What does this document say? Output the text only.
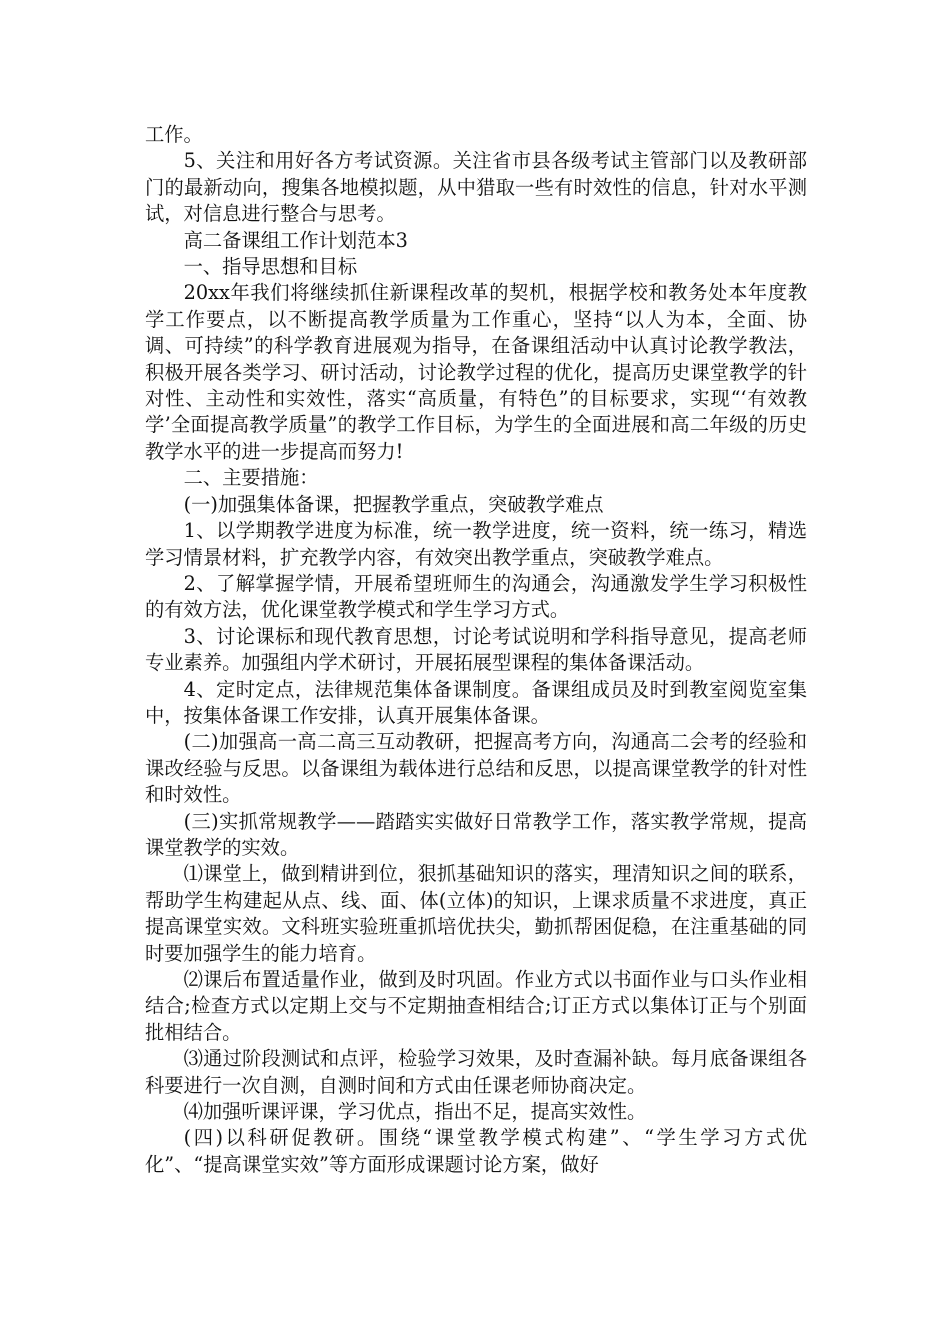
工作。

5、关注和用好各方考试资源。关注省市县各级考试主管部门以及教研部门的最新动向，搜集各地模拟题，从中猎取一些有时效性的信息，针对水平测试，对信息进行整合与思考。

高二备课组工作计划范本3

一、指导思想和目标

20xx年我们将继续抓住新课程改革的契机，根据学校和教务处本年度教学工作要点，以不断提高教学质量为工作重心，坚持“以人为本，全面、协调、可持续”的科学教育进展观为指导，在备课组活动中认真讨论教学教法，积极开展各类学习、研讨活动，讨论教学过程的优化，提高历史课堂教学的针对性、主动性和实效性，落实“高质量，有特色”的目标要求，实现“‘有效教学’全面提高教学质量”的教学工作目标，为学生的全面进展和高二年级的历史教学水平的进一步提高而努力!

二、主要措施：

(一)加强集体备课，把握教学重点，突破教学难点

1、以学期教学进度为标准，统一教学进度，统一资料，统一练习，精选学习情景材料，扩充教学内容，有效突出教学重点，突破教学难点。

2、了解掌握学情，开展希望班师生的沟通会，沟通激发学生学习积极性的有效方法，优化课堂教学模式和学生学习方式。

3、讨论课标和现代教育思想，讨论考试说明和学科指导意见，提高老师专业素养。加强组内学术研讨，开展拓展型课程的集体备课活动。

4、定时定点，法律规范集体备课制度。备课组成员及时到教室阅览室集中，按集体备课工作安排，认真开展集体备课。

(二)加强高一高二高三互动教研，把握高考方向，沟通高二会考的经验和课改经验与反思。以备课组为载体进行总结和反思，以提高课堂教学的针对性和时效性。

(三)实抓常规教学——踏踏实实做好日常教学工作，落实教学常规，提高课堂教学的实效。

⑴课堂上，做到精讲到位，狠抓基础知识的落实，理清知识之间的联系，帮助学生构建起从点、线、面、体(立体)的知识，上课求质量不求进度，真正提高课堂实效。文科班实验班重抓培优扶尖，勤抓帮困促稳，在注重基础的同时要加强学生的能力培育。

⑵课后布置适量作业，做到及时巩固。作业方式以书面作业与口头作业相结合;检查方式以定期上交与不定期抽查相结合;订正方式以集体订正与个别面批相结合。

⑶通过阶段测试和点评，检验学习效果，及时查漏补缺。每月底备课组各科要进行一次自测，自测时间和方式由任课老师协商决定。

⑷加强听课评课，学习优点，指出不足，提高实效性。

(四)以科研促教研。围绕“课堂教学模式构建”、“学生学习方式优化”、“提高课堂实效”等方面形成课题讨论方案，做好
